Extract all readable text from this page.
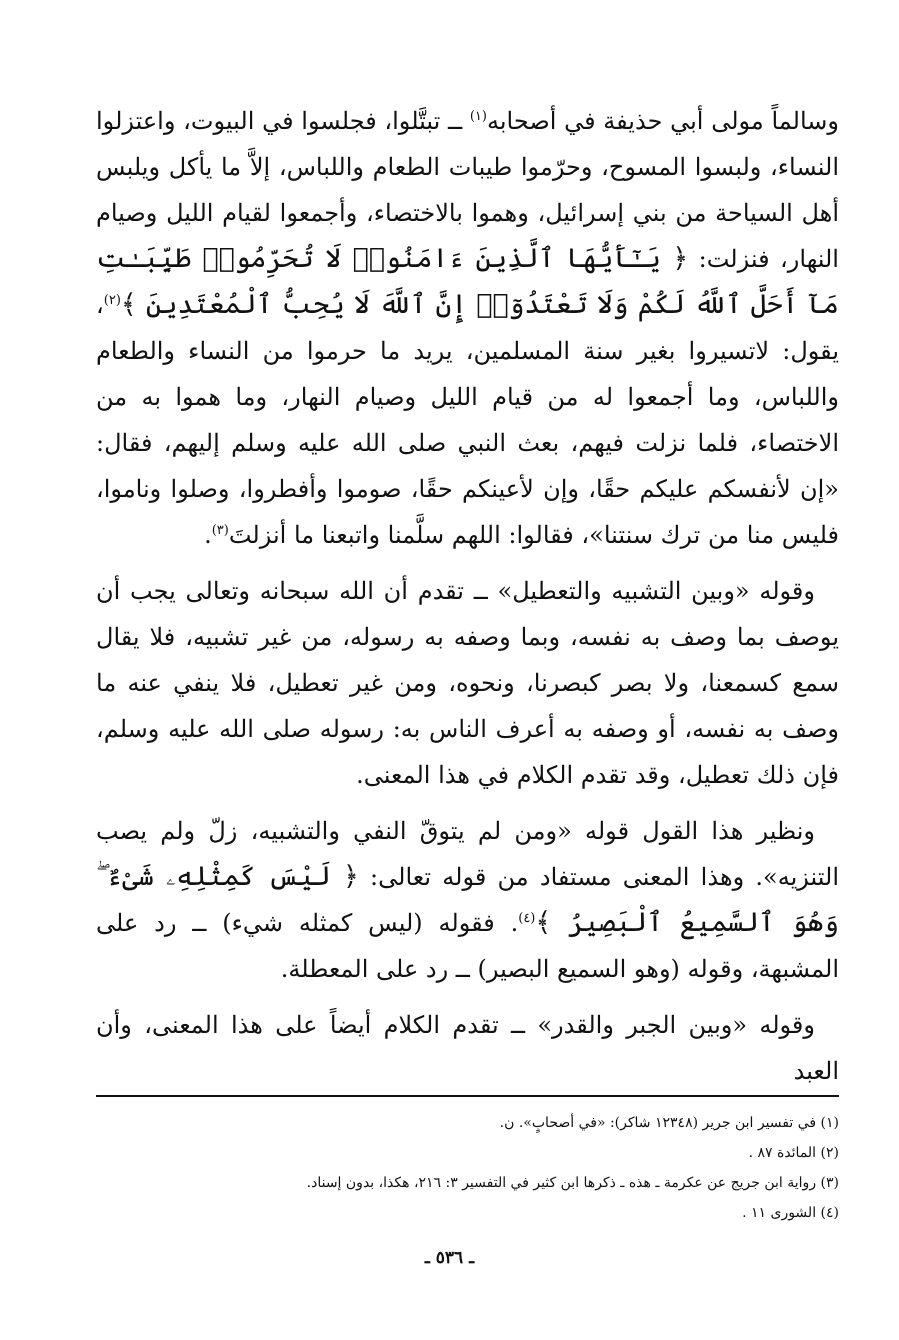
وسالماً مولى أبي حذيفة في أصحابه$^{(١)}$ ــ تبتَّلوا، فجلسوا في البيوت، واعتزلوا النساء، ولبسوا المسوح، وحرّموا طيبات الطعام واللباس، إلاَّ ما يأكل ويلبس أهل السياحة من بني إسرائيل، وهموا بالاختصاء، وأجمعوا لقيام الليل وصيام النهار، فنزلت: ﴿ يَـٰٓأَيُّهَا ٱلَّذِينَ ءَامَنُوا۟ لَا تُحَرِّمُوا۟ طَيِّبَـٰتِ مَآ أَحَلَّ ٱللَّهُ لَكُمْ وَلَا تَعْتَدُوٓا۟ إِنَّ ٱللَّهَ لَا يُحِبُّ ٱلْمُعْتَدِينَ ﴾$^{(٢)}$، يقول: لاتسيروا بغير سنة المسلمين، يريد ما حرموا من النساء والطعام واللباس، وما أجمعوا له من قيام الليل وصيام النهار، وما هموا به من الاختصاء، فلما نزلت فيهم، بعث النبي صلى الله عليه وسلم إليهم، فقال: «إن لأنفسكم عليكم حقًا، وإن لأعينكم حقًا، صوموا وأفطروا، وصلوا وناموا، فليس منا من ترك سنتنا»، فقالوا: اللهم سلَّمنا واتبعنا ما أنزلتَ$^{(٣)}$.

وقوله «وبين التشبيه والتعطيل» ــ تقدم أن الله سبحانه وتعالى يجب أن يوصف بما وصف به نفسه، وبما وصفه به رسوله، من غير تشبيه، فلا يقال سمع كسمعنا، ولا بصر كبصرنا، ونحوه، ومن غير تعطيل، فلا ينفي عنه ما وصف به نفسه، أو وصفه به أعرف الناس به: رسوله صلى الله عليه وسلم، فإن ذلك تعطيل، وقد تقدم الكلام في هذا المعنى.

ونظير هذا القول قوله «ومن لم يتوقّ النفي والتشبيه، زلّ ولم يصب التنزيه». وهذا المعنى مستفاد من قوله تعالى: ﴿ لَيْسَ كَمِثْلِهِۦ شَىْءٌ ۖ وَهُوَ ٱلسَّمِيعُ ٱلْبَصِيرُ ﴾$^{(٤)}$. فقوله (ليس كمثله شيء) ــ رد على المشبهة، وقوله (وهو السميع البصير) ــ رد على المعطلة.

وقوله «وبين الجبر والقدر» ــ تقدم الكلام أيضاً على هذا المعنى، وأن العبد

(١) في تفسير ابن جرير (١٢٣٤٨ شاكر): «في أصحابٍ». ن.
(٢) المائدة ٨٧ .
(٣) رواية ابن جريج عن عكرمة ـ هذه ـ ذكرها ابن كثير في التفسير ٣: ٢١٦، هكذا، بدون إسناد.
(٤) الشورى ١١ .
ـ ٥٣٦ ـ
